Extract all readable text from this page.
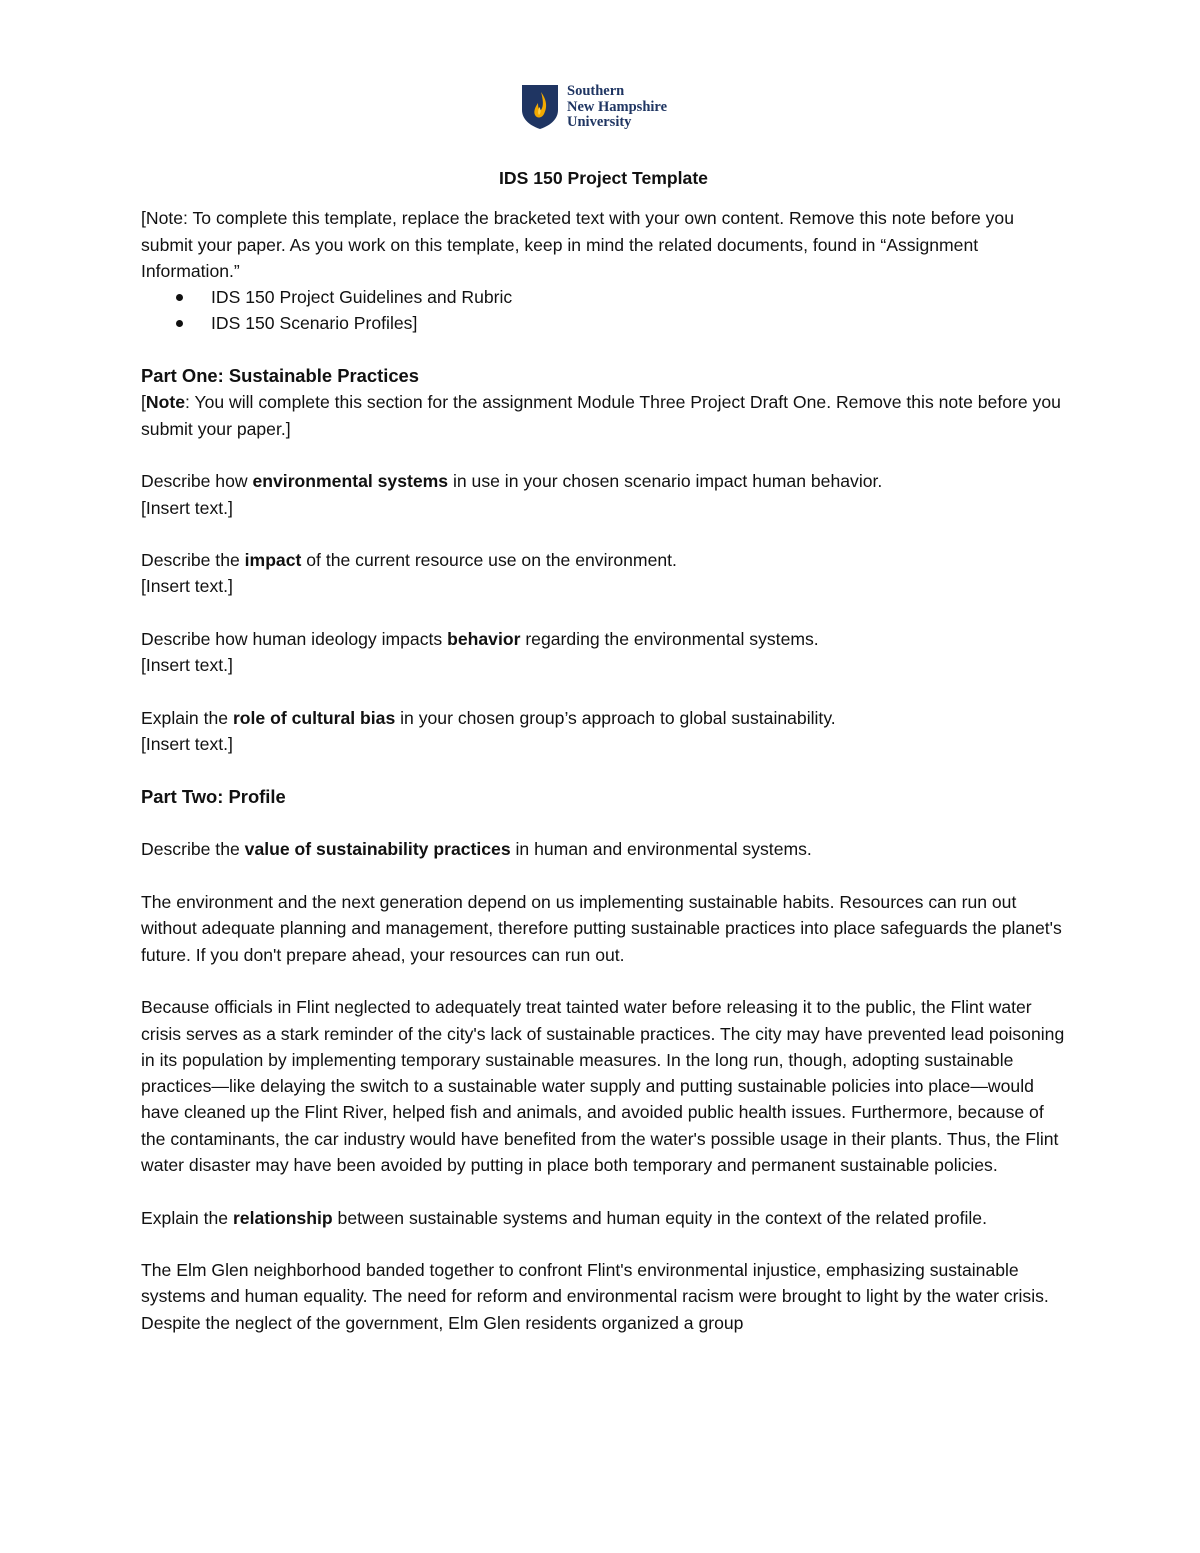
Southern
New Hampshire
University

IDS 150 Project Template

[Note: To complete this template, replace the bracketed text with your own content. Remove this note before you submit your paper. As you work on this template, keep in mind the related documents, found in “Assignment Information.”

IDS 150 Project Guidelines and Rubric
IDS 150 Scenario Profiles]

Part One: Sustainable Practices

[Note: You will complete this section for the assignment Module Three Project Draft One. Remove this note before you submit your paper.]

Describe how environmental systems in use in your chosen scenario impact human behavior.

[Insert text.]

Describe the impact of the current resource use on the environment.

[Insert text.]

Describe how human ideology impacts behavior regarding the environmental systems.

[Insert text.]

Explain the role of cultural bias in your chosen group’s approach to global sustainability.

[Insert text.]

Part Two: Profile

Describe the value of sustainability practices in human and environmental systems.

The environment and the next generation depend on us implementing sustainable habits. Resources can run out without adequate planning and management, therefore putting sustainable practices into place safeguards the planet's future. If you don't prepare ahead, your resources can run out.

Because officials in Flint neglected to adequately treat tainted water before releasing it to the public, the Flint water crisis serves as a stark reminder of the city's lack of sustainable practices. The city may have prevented lead poisoning in its population by implementing temporary sustainable measures. In the long run, though, adopting sustainable practices—like delaying the switch to a sustainable water supply and putting sustainable policies into place—would have cleaned up the Flint River, helped fish and animals, and avoided public health issues. Furthermore, because of the contaminants, the car industry would have benefited from the water's possible usage in their plants. Thus, the Flint water disaster may have been avoided by putting in place both temporary and permanent sustainable policies.

Explain the relationship between sustainable systems and human equity in the context of the related profile.

The Elm Glen neighborhood banded together to confront Flint's environmental injustice, emphasizing sustainable systems and human equality. The need for reform and environmental racism were brought to light by the water crisis. Despite the neglect of the government, Elm Glen residents organized a group
